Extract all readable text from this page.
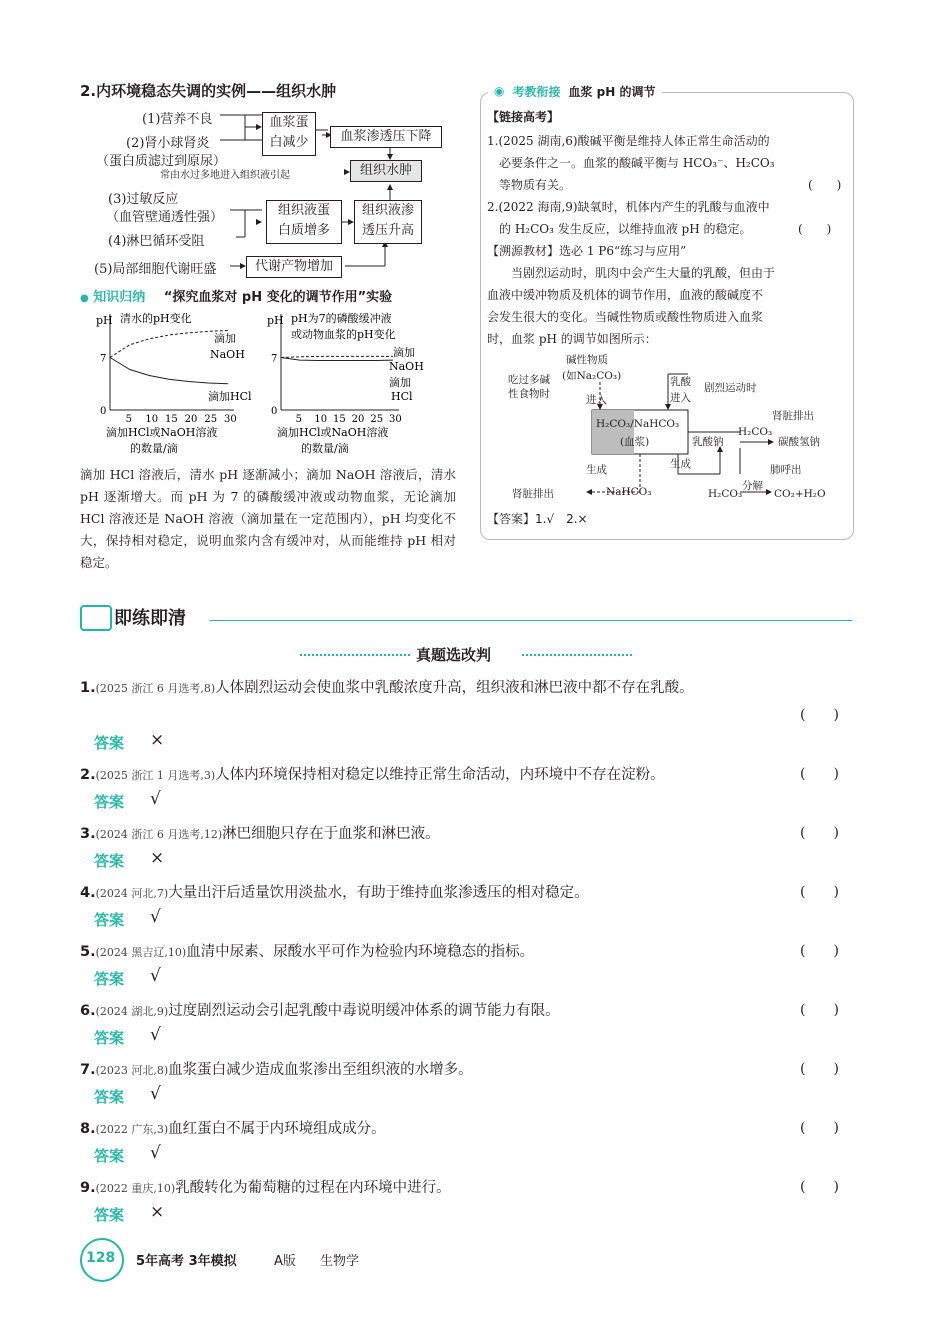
2.内环境稳态失调的实例——组织水肿
(1)营养不良
(2)肾小球肾炎
（蛋白质滤过到原尿）
血浆蛋
白减少	血浆渗透压下降
常由水过多地进入组织液引起	组织水肿
(3)过敏反应
（血管壁通透性强）
(4)淋巴循环受阻
组织液蛋
白质增多
组织液渗
透压升高
(5)局部细胞代谢旺盛	代谢产物增加
● 知识归纳 “探究血浆对 pH 变化的调节作用”实验
pH
5 10 15 20 25 30
0
7
清水的pH变化
滴加HCl或NaOH溶液
的数量/滴
滴加
NaOH
滴加HCl
pH
5 10 15 20 25 30
0
7
pH为7的磷酸缓冲液
或动物血浆的pH变化
滴加HCl或NaOH溶液
的数量/滴
滴加
NaOH
滴加
HCl
滴加 HCl 溶液后，清水 pH 逐渐减小；滴加 NaOH 溶液后，清水 pH 逐渐增大。而 pH 为 7 的磷酸缓冲液或动物血浆，无论滴加 HCl 溶液还是 NaOH 溶液（滴加量在一定范围内），pH 均变化不大，保持相对稳定，说明血浆内含有缓冲对，从而能维持 pH 相对稳定。
◉ 考教衔接 血浆 pH 的调节
【链接高考】
1.(2025 湖南,6)酸碱平衡是维持人体正常生命活动的
必要条件之一。血浆的酸碱平衡与 HCO₃⁻、H₂CO₃
等物质有关。	(　　)
2.(2022 海南,9)缺氧时，机体内产生的乳酸与血液中
的 H₂CO₃ 发生反应，以维持血液 pH 的稳定。	(　　)
【溯源教材】选必 1 P6“练习与应用”
当剧烈运动时，肌肉中会产生大量的乳酸，但由于
血液中缓冲物质及机体的调节作用，血液的酸碱度不
会发生很大的变化。当碱性物质或酸性物质进入血浆
时，血浆 pH 的调节如图所示：
碱性物质
(如Na₂CO₃)
吃过多碱
性食物时	进入
乳酸 剧烈运动时
进入
H₂CO₃/NaHCO₃
(血浆)
肾脏排出
乳酸钠
H₂CO₃
碳酸氢钠
肺呼出
生成	生成
分解
肾脏排出	NaHCO₃	H₂CO₃	CO₂+H₂O
【答案】1.√　2.×
即练即清
真题选改判
1.(2025 浙江 6 月选考,8)人体剧烈运动会使血浆中乳酸浓度升高，组织液和淋巴液中都不存在乳酸。
(　　)
答案 ×
2.(2025 浙江 1 月选考,3)人体内环境保持相对稳定以维持正常生命活动，内环境中不存在淀粉。	(　　)
答案 √
3.(2024 浙江 6 月选考,12)淋巴细胞只存在于血浆和淋巴液。	(　　)
答案 ×
4.(2024 河北,7)大量出汗后适量饮用淡盐水，有助于维持血浆渗透压的相对稳定。	(　　)
答案 √
5.(2024 黑吉辽,10)血清中尿素、尿酸水平可作为检验内环境稳态的指标。	(　　)
答案 √
6.(2024 湖北,9)过度剧烈运动会引起乳酸中毒说明缓冲体系的调节能力有限。	(　　)
答案 √
7.(2023 河北,8)血浆蛋白减少造成血浆渗出至组织液的水增多。	(　　)
答案 √
8.(2022 广东,3)血红蛋白不属于内环境组成成分。	(　　)
答案 √
9.(2022 重庆,10)乳酸转化为葡萄糖的过程在内环境中进行。	(　　)
答案 ×
128 5年高考 3年模拟	A版 生物学
